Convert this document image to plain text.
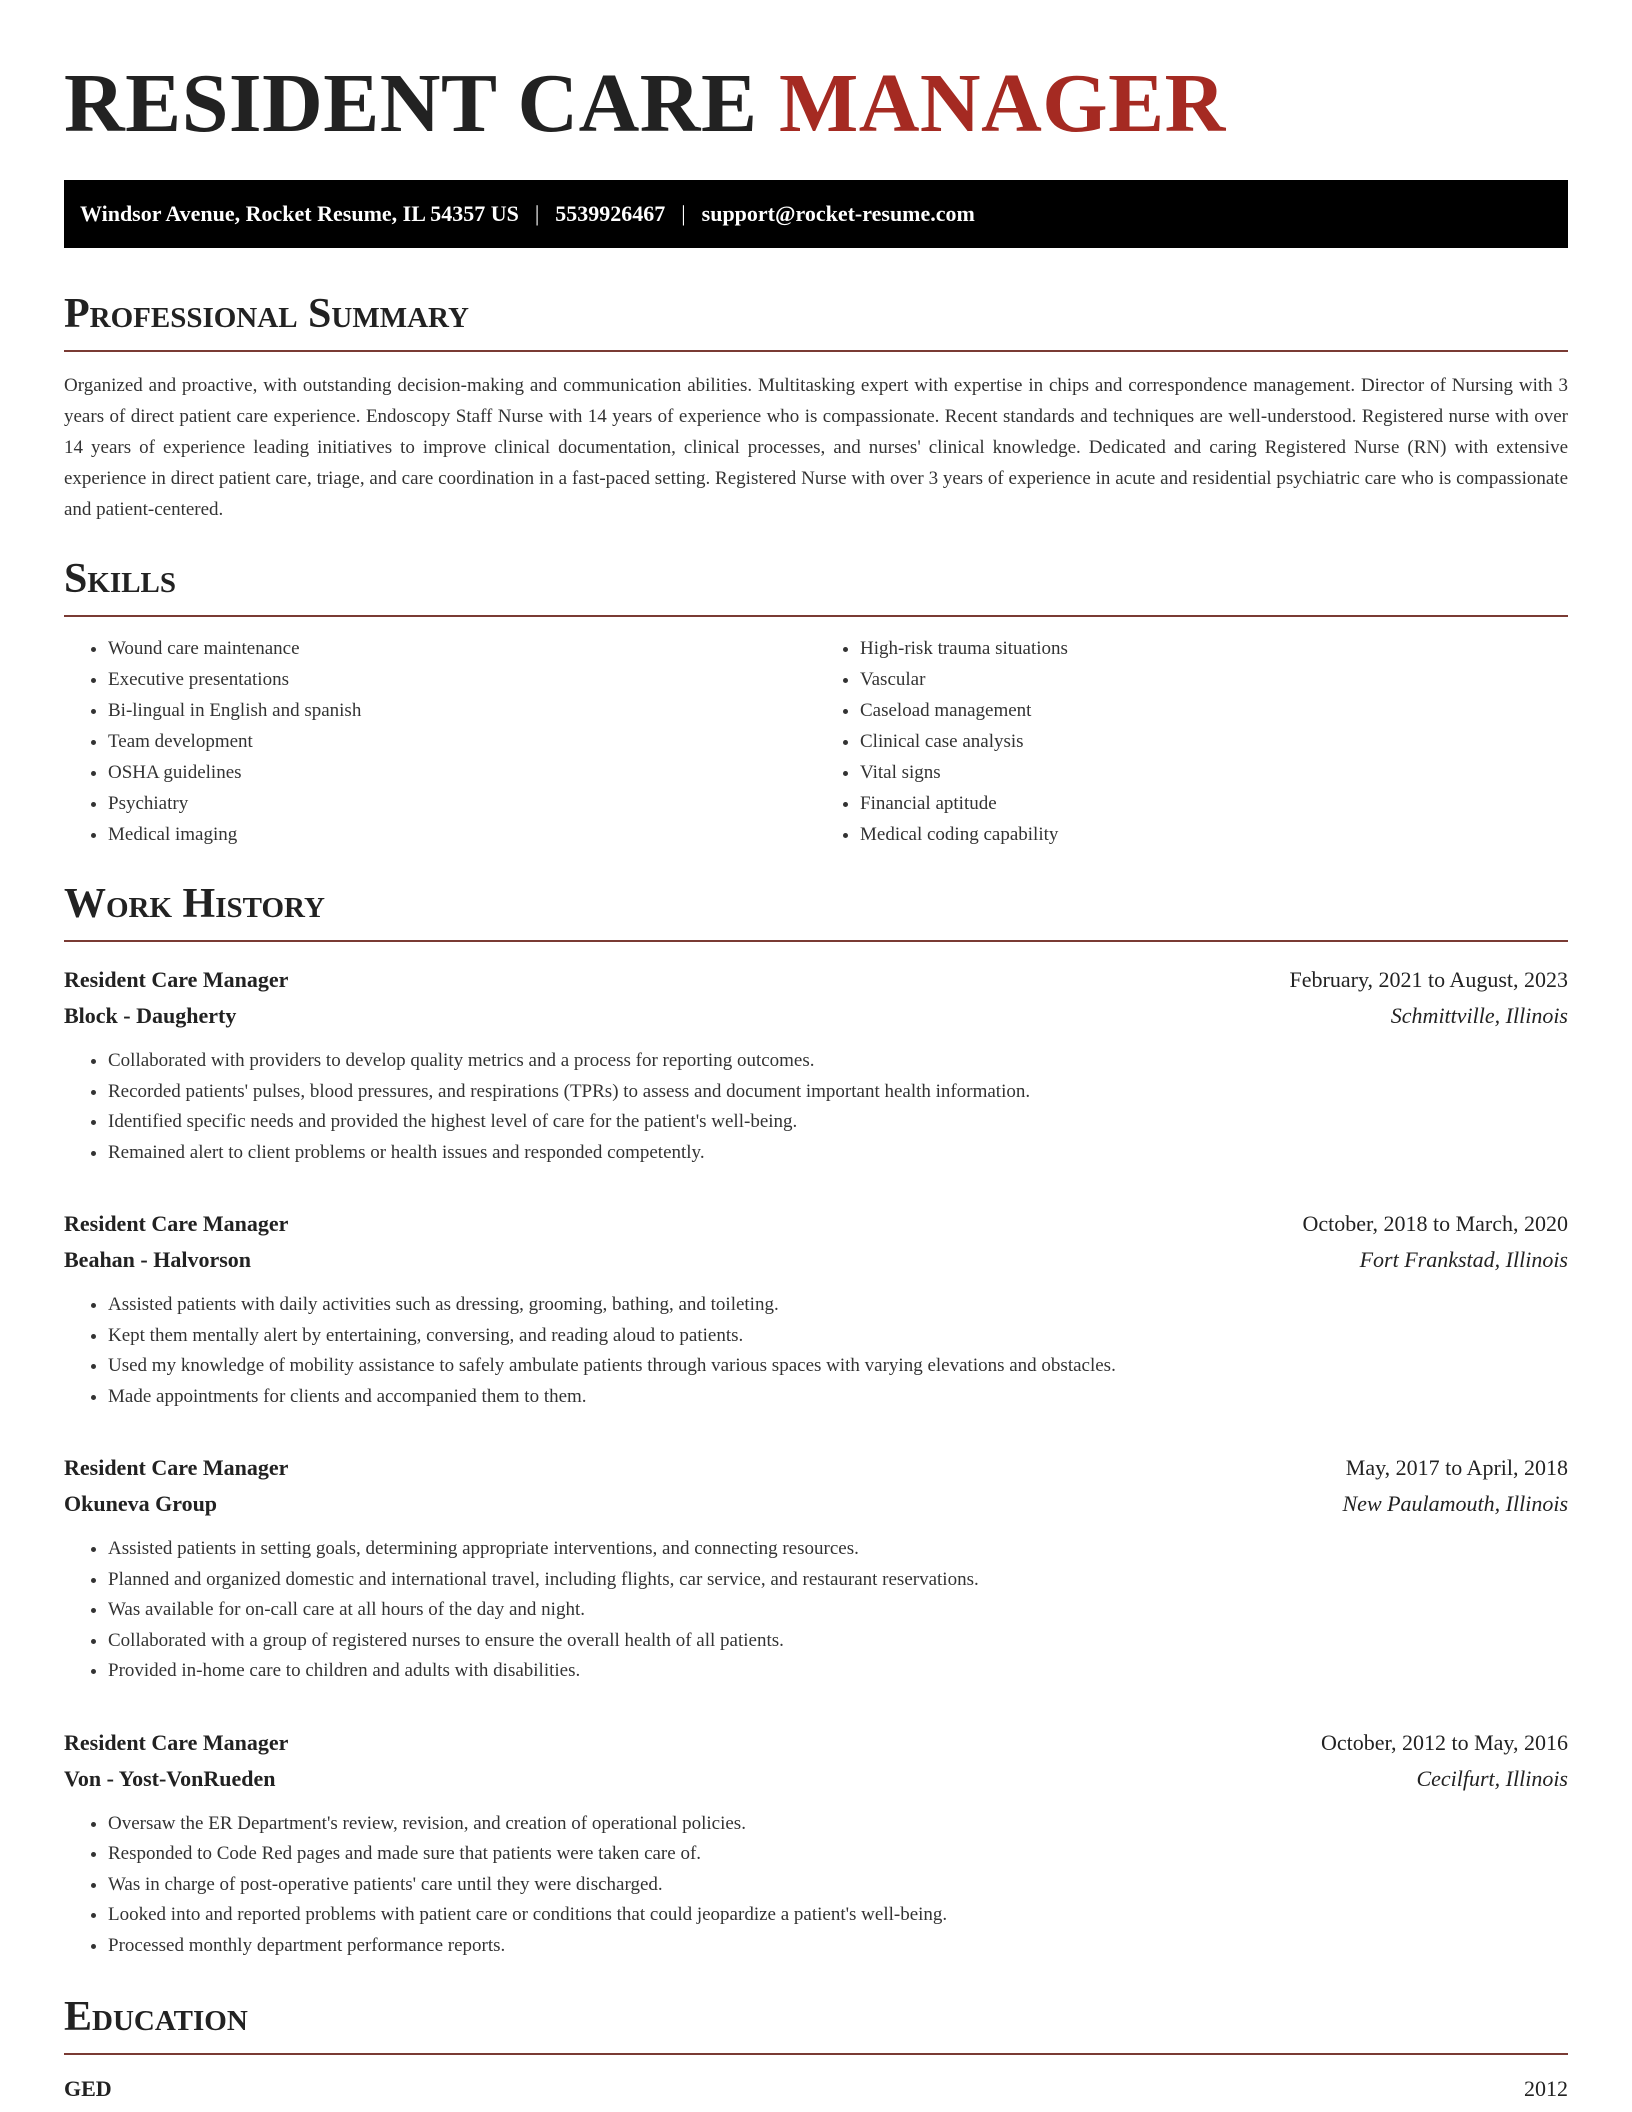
RESIDENT CARE MANAGER
Windsor Avenue, Rocket Resume, IL 54357 US | 5539926467 | support@rocket-resume.com
Professional Summary

Organized and proactive, with outstanding decision-making and communication abilities. Multitasking expert with expertise in chips and correspondence management. Director of Nursing with 3 years of direct patient care experience. Endoscopy Staff Nurse with 14 years of experience who is compassionate. Recent standards and techniques are well-understood. Registered nurse with over 14 years of experience leading initiatives to improve clinical documentation, clinical processes, and nurses' clinical knowledge. Dedicated and caring Registered Nurse (RN) with extensive experience in direct patient care, triage, and care coordination in a fast-paced setting. Registered Nurse with over 3 years of experience in acute and residential psychiatric care who is compassionate and patient-centered.

Skills
• Wound care maintenance
• Executive presentations
• Bi-lingual in English and spanish
• Team development
• OSHA guidelines
• Psychiatry
• Medical imaging
• High-risk trauma situations
• Vascular
• Caseload management
• Clinical case analysis
• Vital signs
• Financial aptitude
• Medical coding capability
Work History
Resident Care Manager	February, 2021 to August, 2023
Block - Daugherty	Schmittville, Illinois
• Collaborated with providers to develop quality metrics and a process for reporting outcomes.
• Recorded patients' pulses, blood pressures, and respirations (TPRs) to assess and document important health information.
• Identified specific needs and provided the highest level of care for the patient's well-being.
• Remained alert to client problems or health issues and responded competently.
Resident Care Manager	October, 2018 to March, 2020
Beahan - Halvorson	Fort Frankstad, Illinois
• Assisted patients with daily activities such as dressing, grooming, bathing, and toileting.
• Kept them mentally alert by entertaining, conversing, and reading aloud to patients.
• Used my knowledge of mobility assistance to safely ambulate patients through various spaces with varying elevations and obstacles.
• Made appointments for clients and accompanied them to them.
Resident Care Manager	May, 2017 to April, 2018
Okuneva Group	New Paulamouth, Illinois
• Assisted patients in setting goals, determining appropriate interventions, and connecting resources.
• Planned and organized domestic and international travel, including flights, car service, and restaurant reservations.
• Was available for on-call care at all hours of the day and night.
• Collaborated with a group of registered nurses to ensure the overall health of all patients.
• Provided in-home care to children and adults with disabilities.
Resident Care Manager	October, 2012 to May, 2016
Von - Yost-VonRueden	Cecilfurt, Illinois
• Oversaw the ER Department's review, revision, and creation of operational policies.
• Responded to Code Red pages and made sure that patients were taken care of.
• Was in charge of post-operative patients' care until they were discharged.
• Looked into and reported problems with patient care or conditions that could jeopardize a patient's well-being.
• Processed monthly department performance reports.
Education
GED	2012
